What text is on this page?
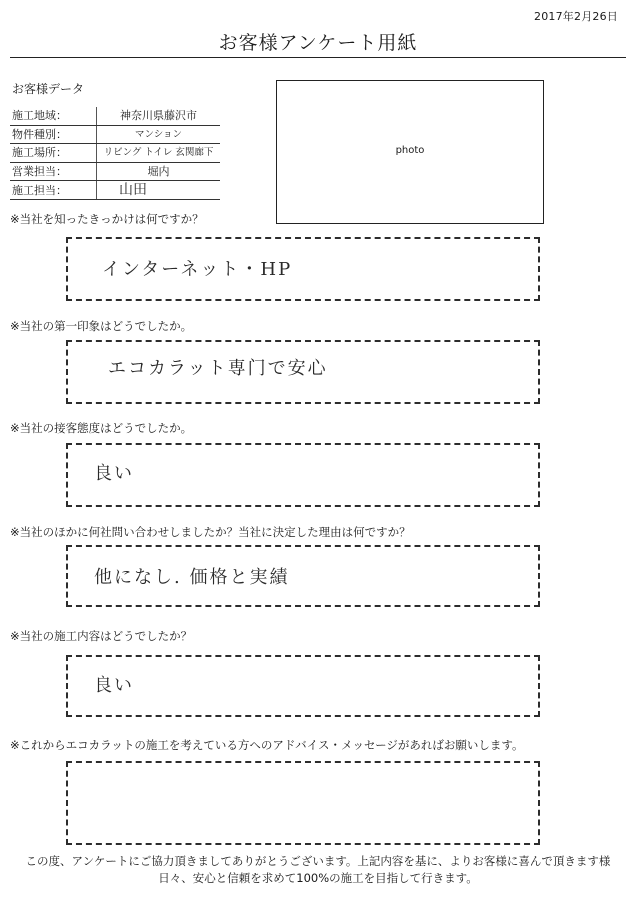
2017年2月26日
お客様アンケート用紙
お客様データ
施工地域：	神奈川県藤沢市
物件種別：	マンション
施工場所：	リビング トイレ 玄関廊下
営業担当：	堀内
施工担当：	山田
photo
※当社を知ったきっかけは何ですか？
インターネット・HP
※当社の第一印象はどうでしたか。
エコカラット専门で安心
※当社の接客態度はどうでしたか。
良い
※当社のほかに何社問い合わせしましたか？当社に決定した理由は何ですか？
他になし. 価格と実績
※当社の施工内容はどうでしたか？
良い
※これからエコカラットの施工を考えている方へのアドバイス・メッセージがあればお願いします。
この度、アンケートにご協力頂きましてありがとうございます。上記内容を基に、よりお客様に喜んで頂きます様
日々、安心と信頼を求めて100%の施工を目指して行きます。
